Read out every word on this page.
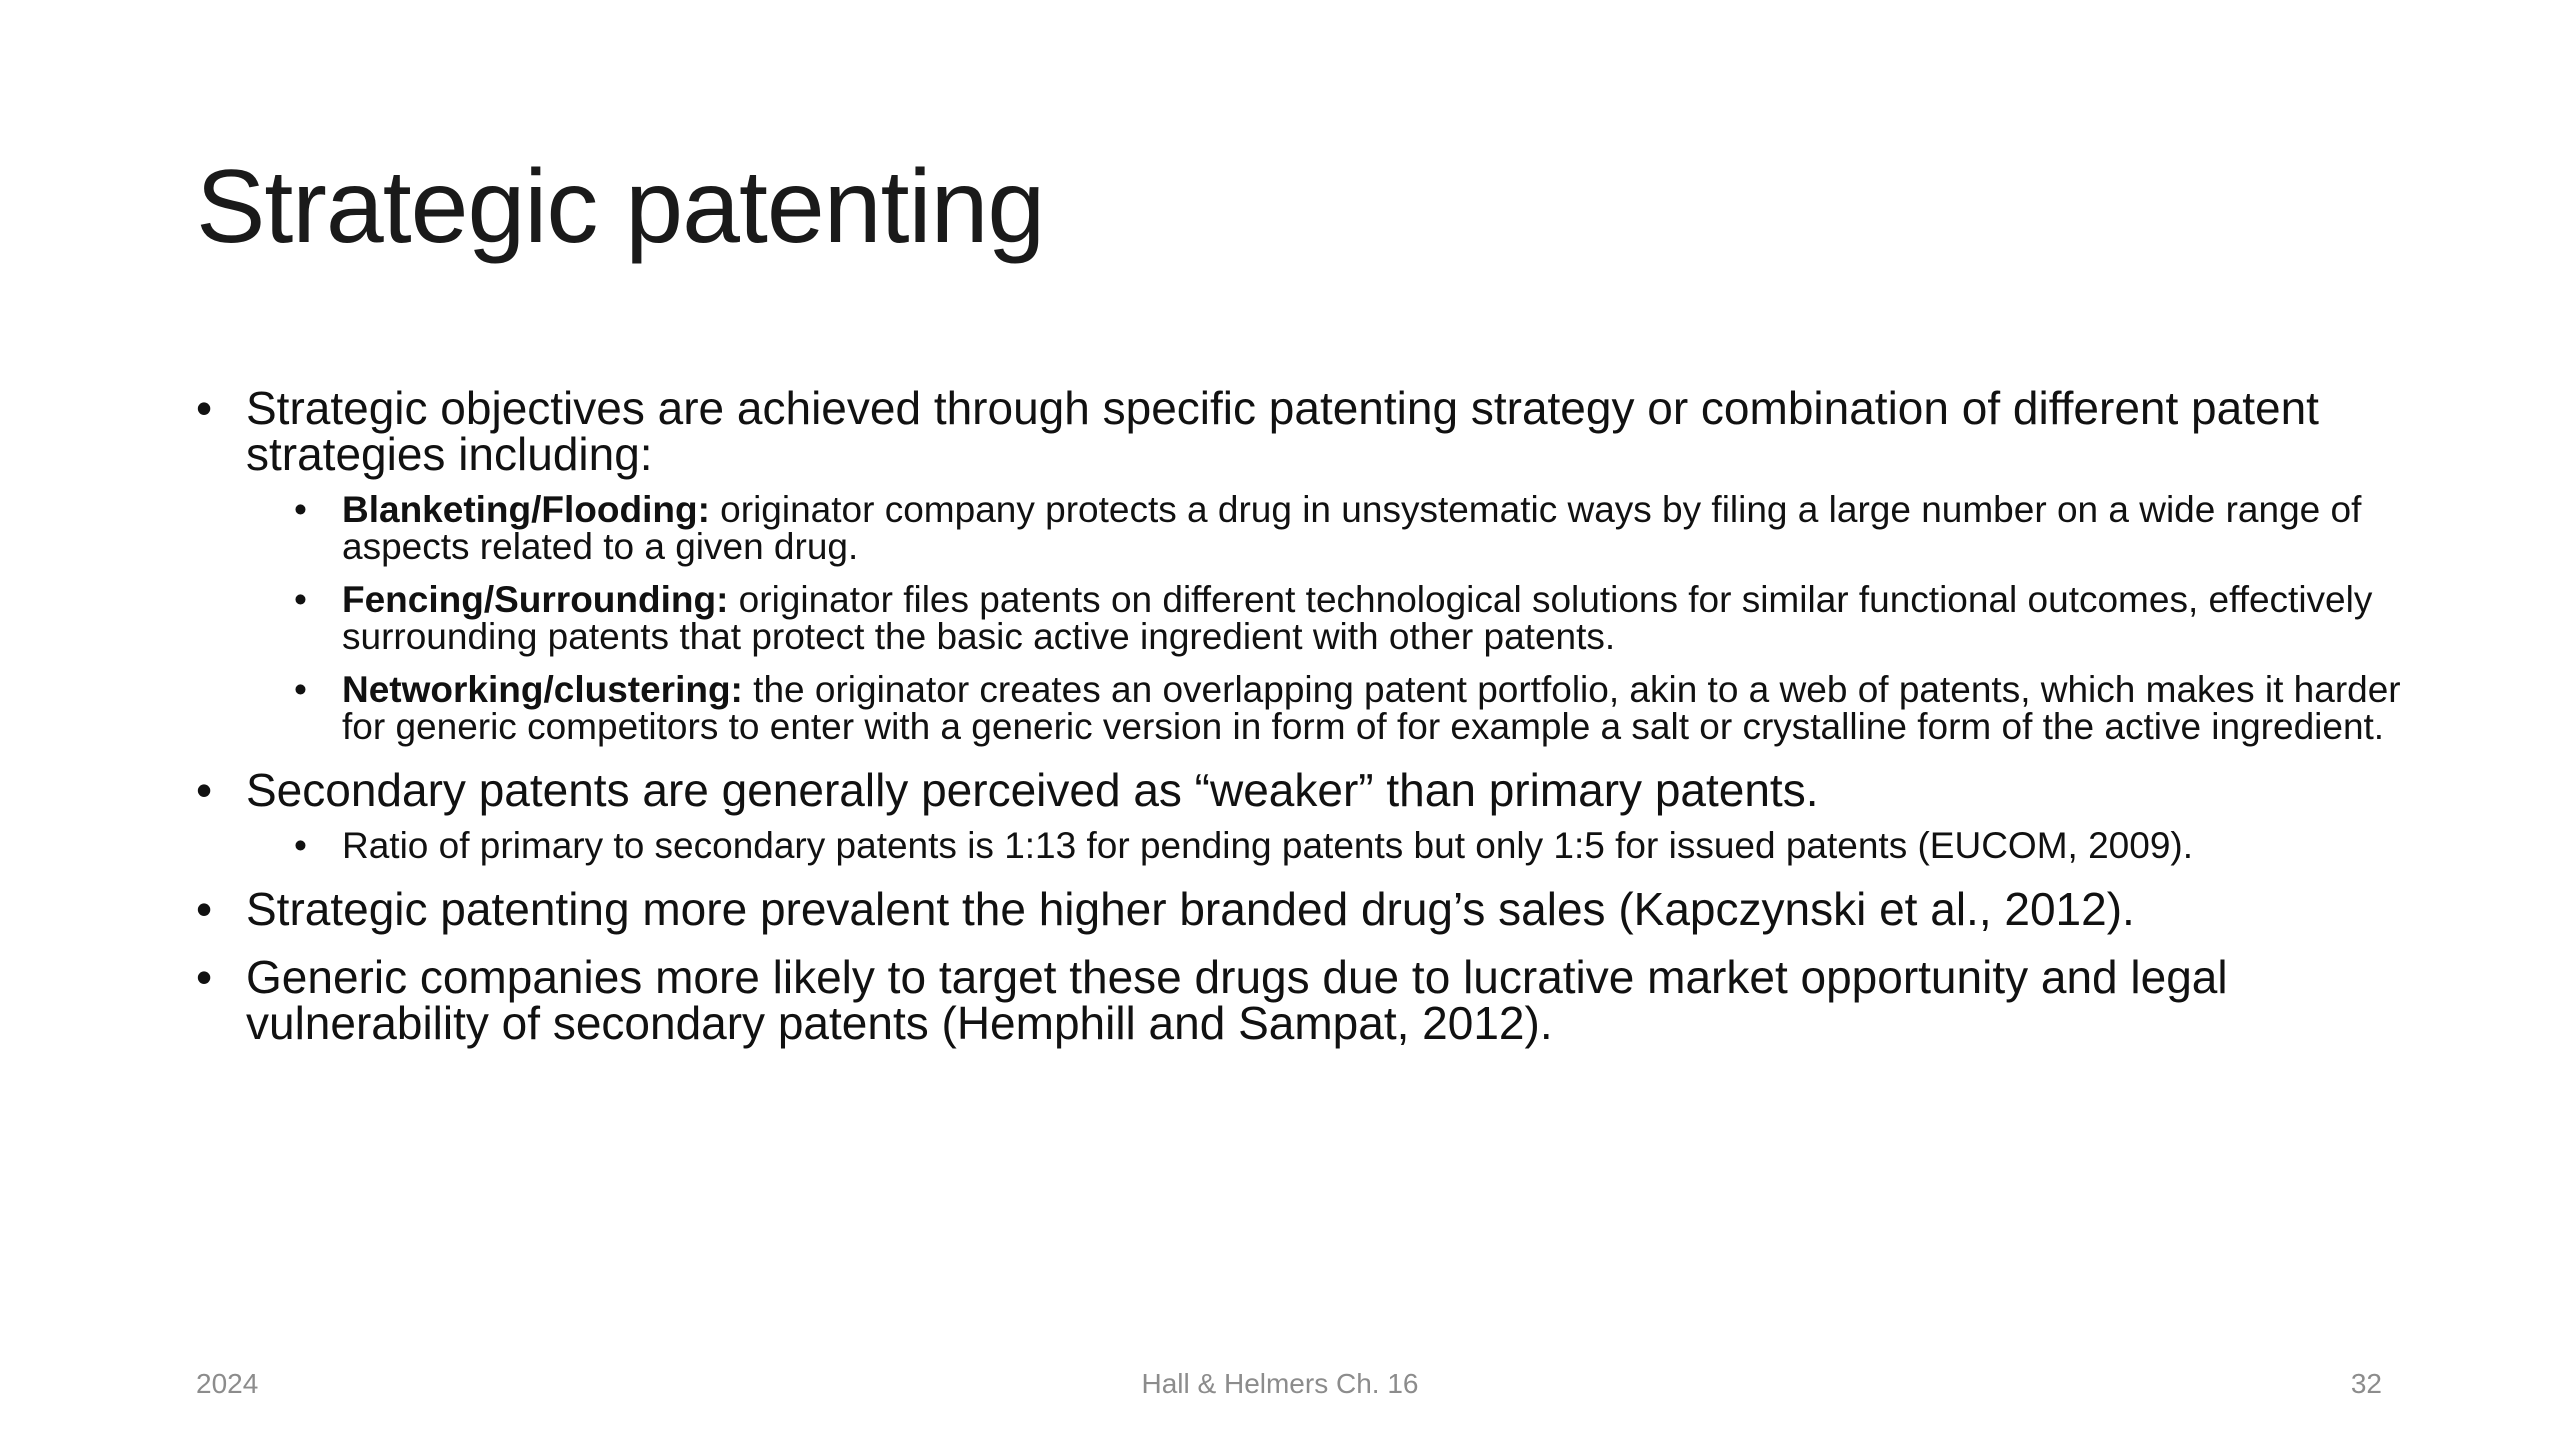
Strategic patenting
• Strategic objectives are achieved through specific patenting strategy or combination of different patent strategies including:
• Blanketing/Flooding: originator company protects a drug in unsystematic ways by filing a large number on a wide range of aspects related to a given drug.
• Fencing/Surrounding: originator files patents on different technological solutions for similar functional outcomes, effectively surrounding patents that protect the basic active ingredient with other patents.
• Networking/clustering: the originator creates an overlapping patent portfolio, akin to a web of patents, which makes it harder for generic competitors to enter with a generic version in form of for example a salt or crystalline form of the active ingredient.
• Secondary patents are generally perceived as “weaker” than primary patents.
• Ratio of primary to secondary patents is 1:13 for pending patents but only 1:5 for issued patents (EUCOM, 2009).
• Strategic patenting more prevalent the higher branded drug’s sales (Kapczynski et al., 2012).
• Generic companies more likely to target these drugs due to lucrative market opportunity and legal vulnerability of secondary patents (Hemphill and Sampat, 2012).
2024	Hall & Helmers Ch. 16	32
